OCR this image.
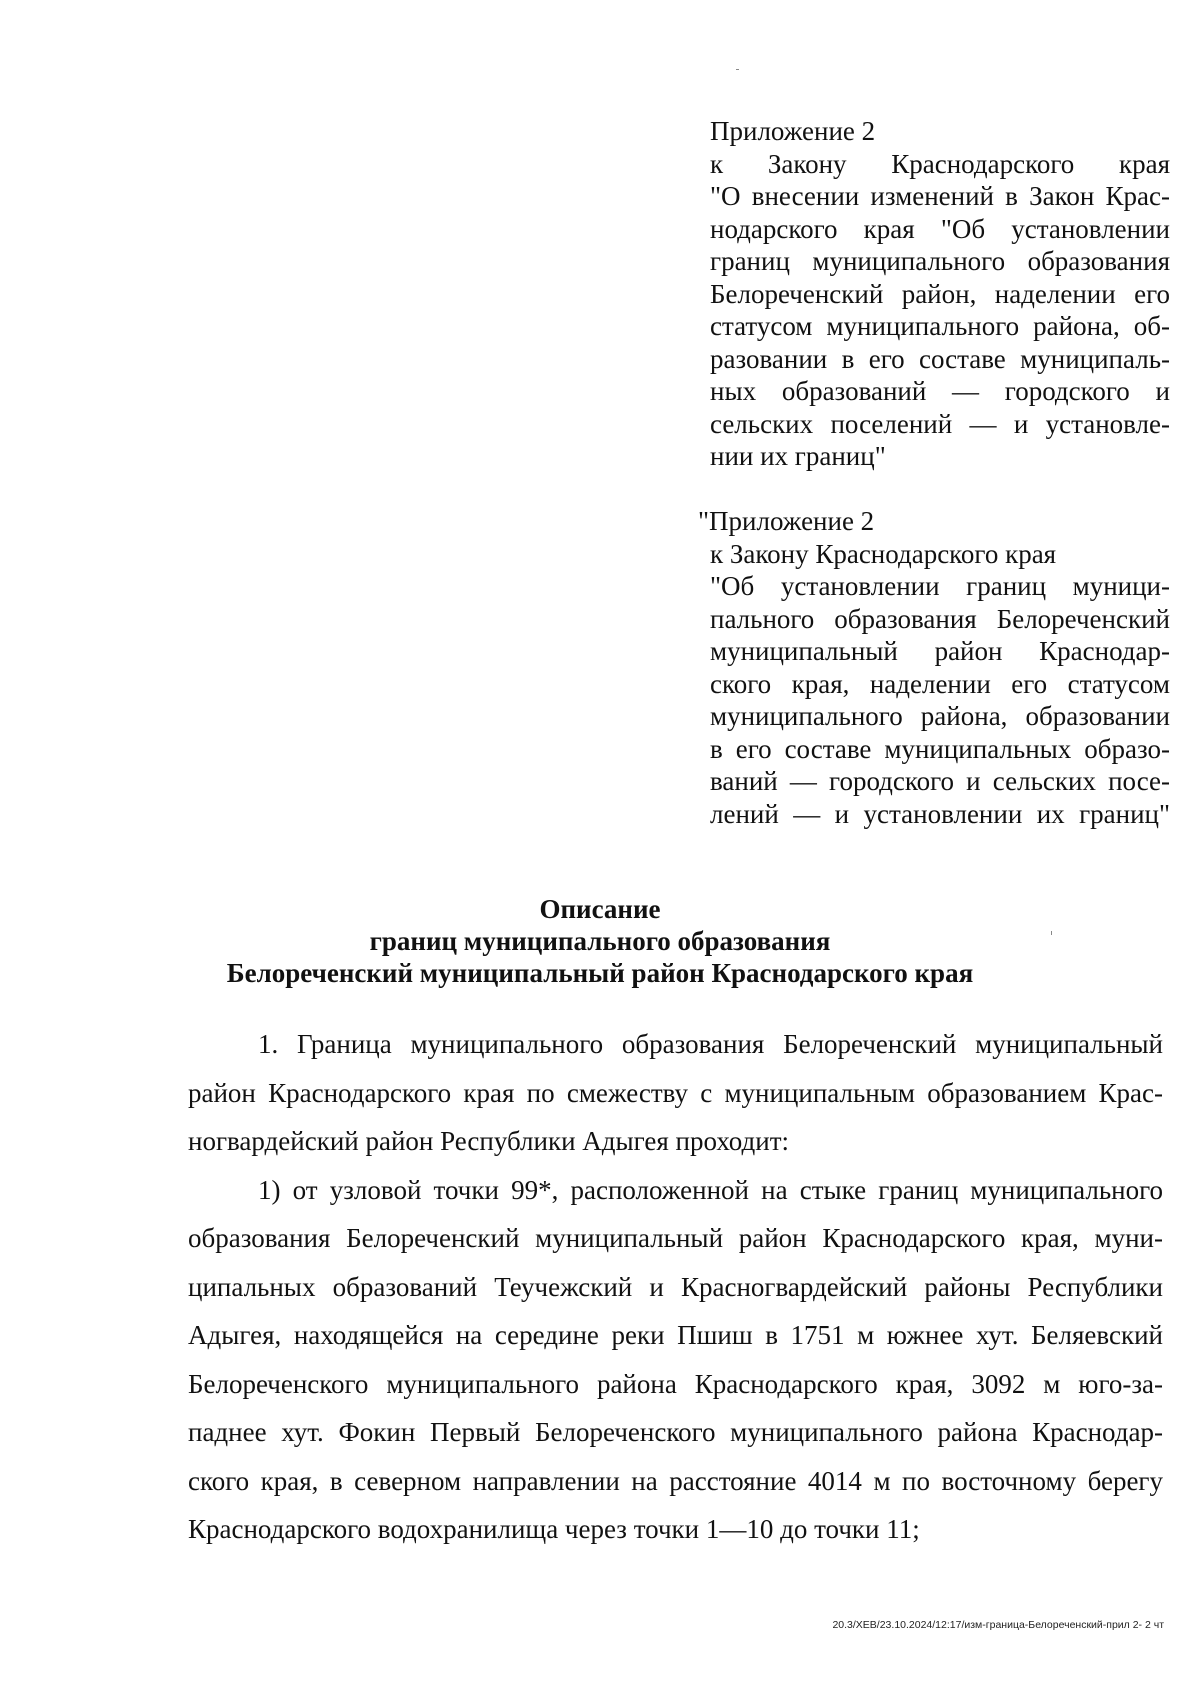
Приложение 2
к Закону Краснодарского края
"О внесении изменений в Закон Крас-
нодарского края "Об установлении
границ муниципального образования
Белореченский район, наделении его
статусом муниципального района, об-
разовании в его составе муниципаль-
ных образований — городского и
сельских поселений — и установле-
нии их границ"
"Приложение 2
к Закону Краснодарского края
"Об установлении границ муници-
пального образования Белореченский
муниципальный район Краснодар-
ского края, наделении его статусом
муниципального района, образовании
в его составе муниципальных образо-
ваний — городского и сельских посе-
лений — и установлении их границ"
Описание
границ муниципального образования
Белореченский муниципальный район Краснодарского края
1. Граница муниципального образования Белореченский муниципальный
район Краснодарского края по смежеству с муниципальным образованием Крас-
ногвардейский район Республики Адыгея проходит:
1) от узловой точки 99*, расположенной на стыке границ муниципального
образования Белореченский муниципальный район Краснодарского края, муни-
ципальных образований Теучежский и Красногвардейский районы Республики
Адыгея, находящейся на середине реки Пшиш в 1751 м южнее хут. Беляевский
Белореченского муниципального района Краснодарского края, 3092 м юго-за-
паднее хут. Фокин Первый Белореченского муниципального района Краснодар-
ского края, в северном направлении на расстояние 4014 м по восточному берегу
Краснодарского водохранилища через точки 1—10 до точки 11;
20.3/ХЕВ/23.10.2024/12:17/изм-граница-Белореченский-прил 2- 2 чт
